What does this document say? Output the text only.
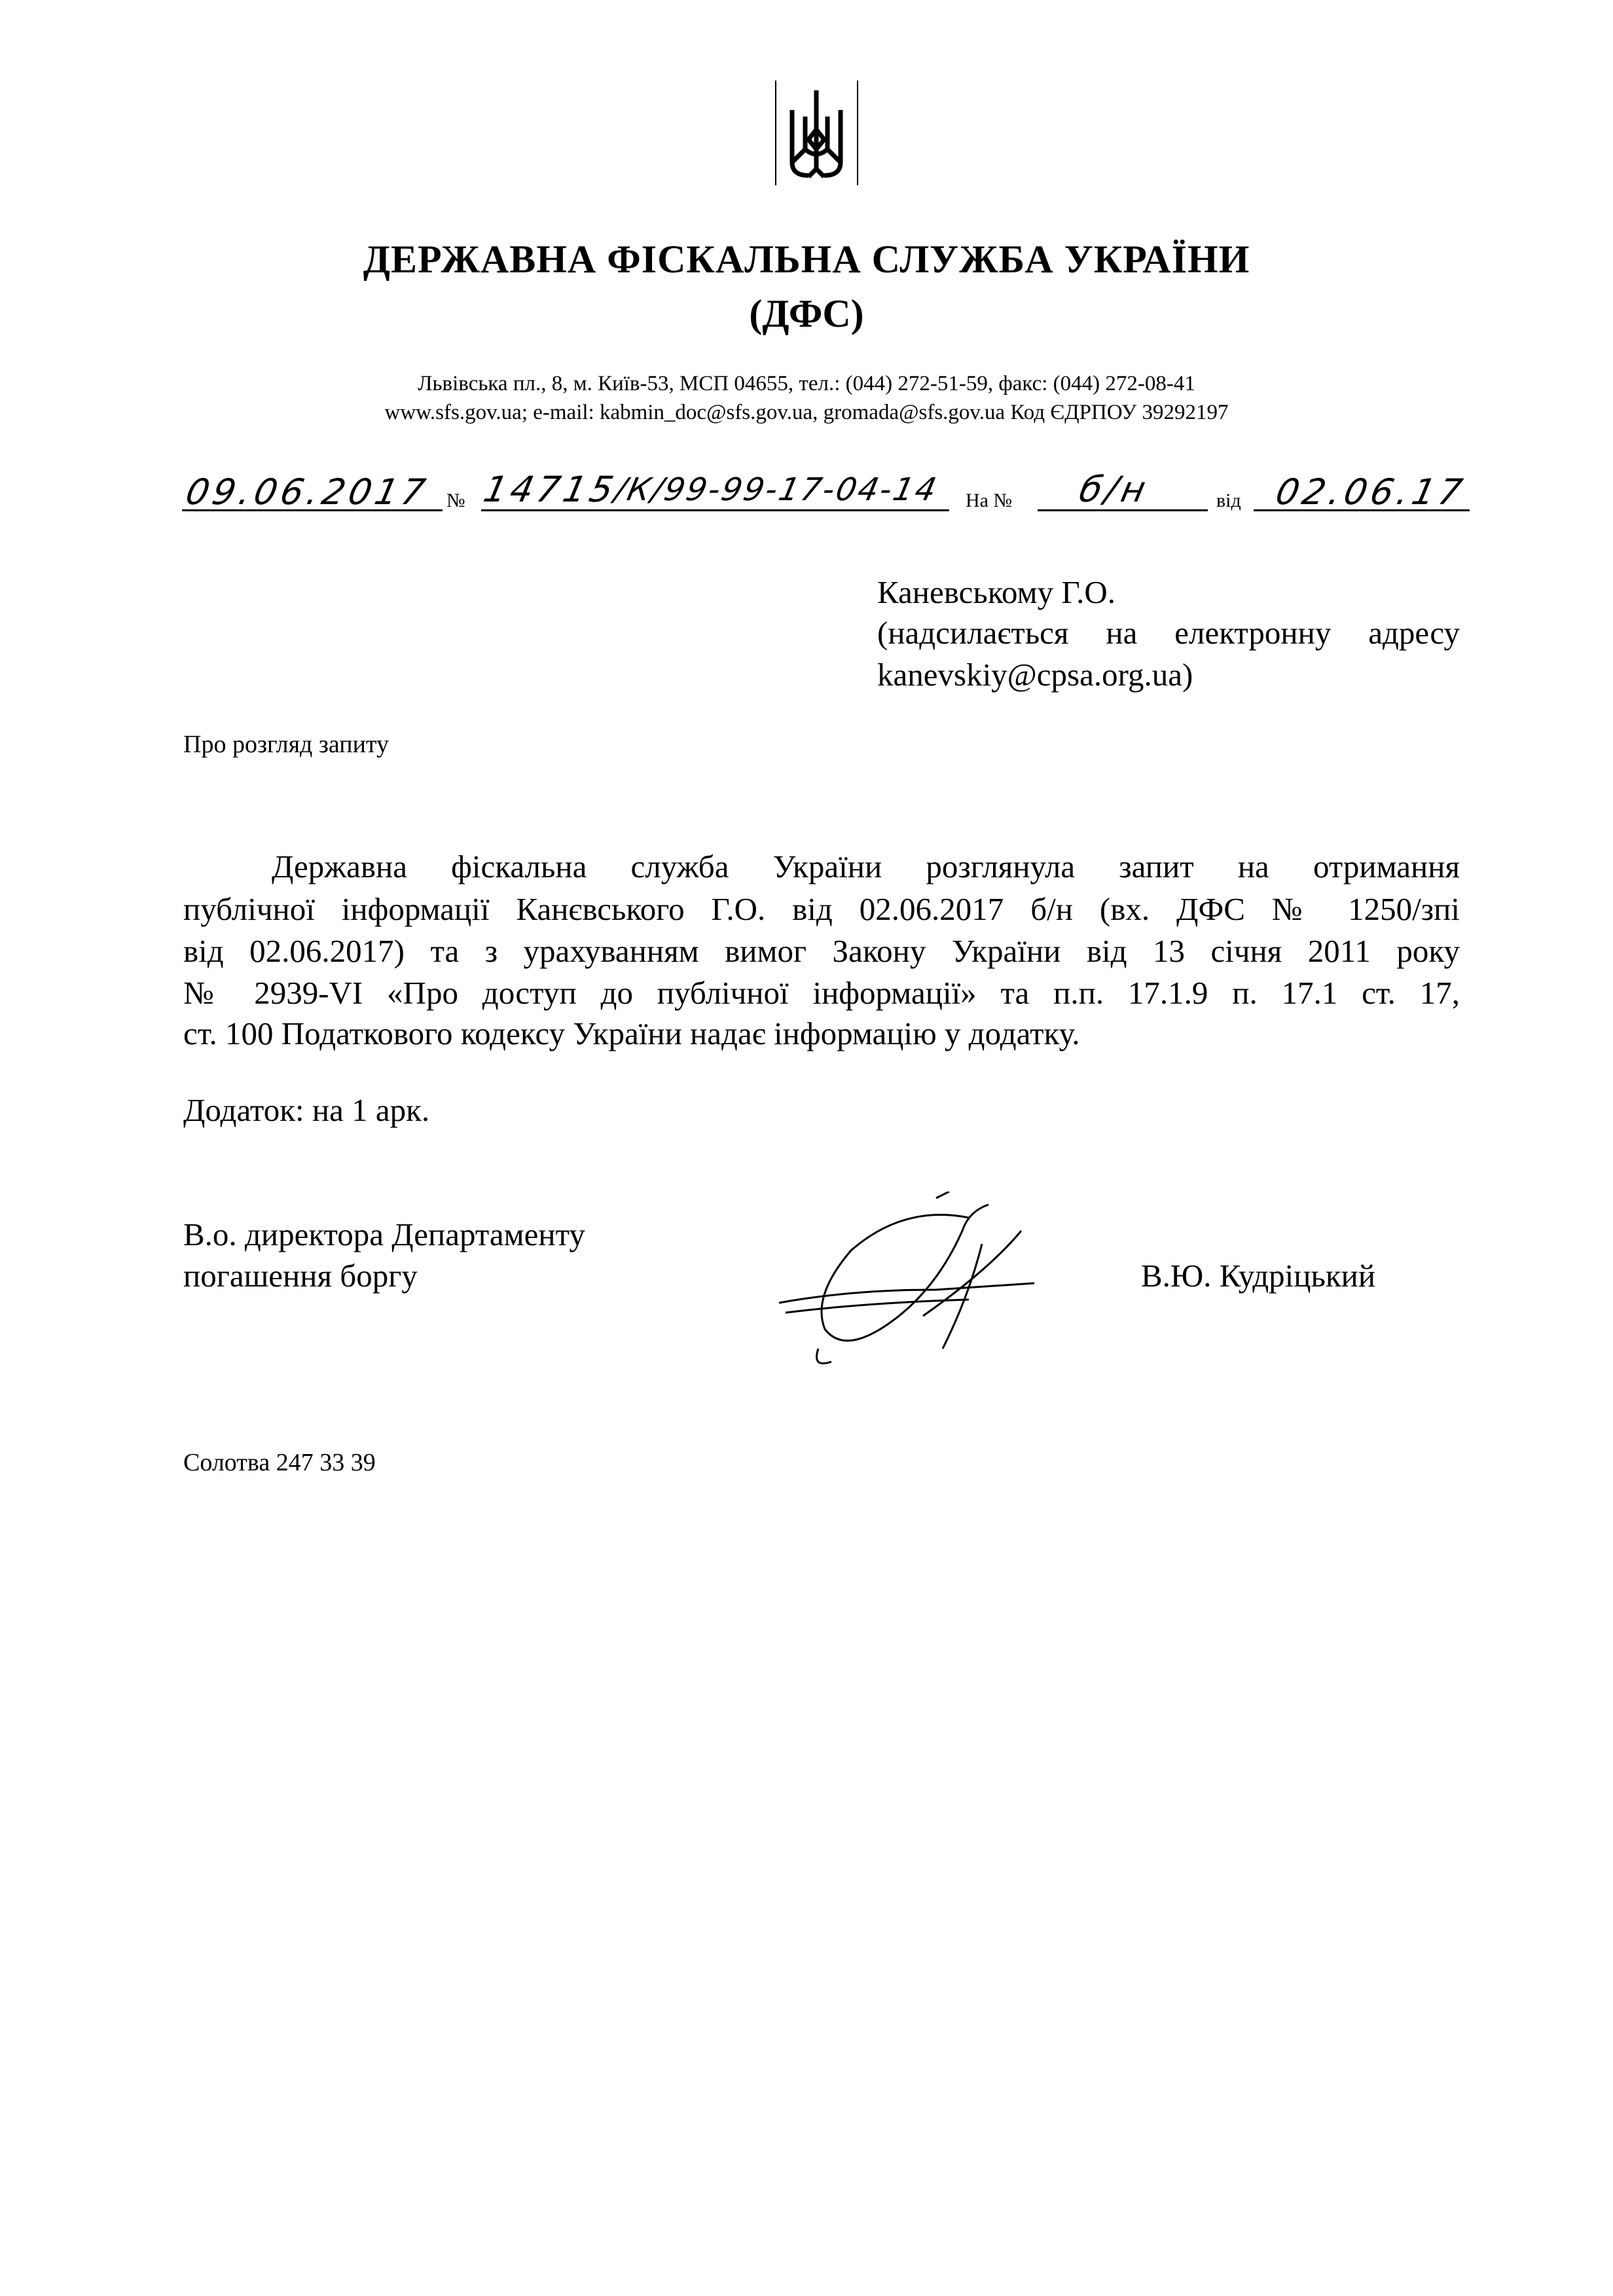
ДЕРЖАВНА ФІСКАЛЬНА СЛУЖБА УКРАЇНИ
(ДФС)
Львівська пл., 8, м. Київ-53, МСП 04655, тел.: (044) 272-51-59, факс: (044) 272-08-41
www.sfs.gov.ua; e-mail: kabmin_doc@sfs.gov.ua, gromada@sfs.gov.ua Код ЄДРПОУ 39292197
09.06.2017 № 14715
/К/99-99-17-04-14 На № б/н	від 02.06.17
Каневському Г.О.
(надсилається на електронну адресу
kanevskiy@cpsa.org.ua)
Про розгляд запиту
Державна фіскальна служба України розглянула запит на отримання
публічної інформації Канєвського Г.О. від 02.06.2017 б/н (вх. ДФС № 1250/зпі
від 02.06.2017) та з урахуванням вимог Закону України від 13 січня 2011 року
№ 2939-VI «Про доступ до публічної інформації» та п.п. 17.1.9 п. 17.1 ст. 17,
ст. 100 Податкового кодексу України надає інформацію у додатку.
Додаток: на 1 арк.
В.о. директора Департаменту
погашення боргу	В.Ю. Кудріцький
Солотва 247 33 39
